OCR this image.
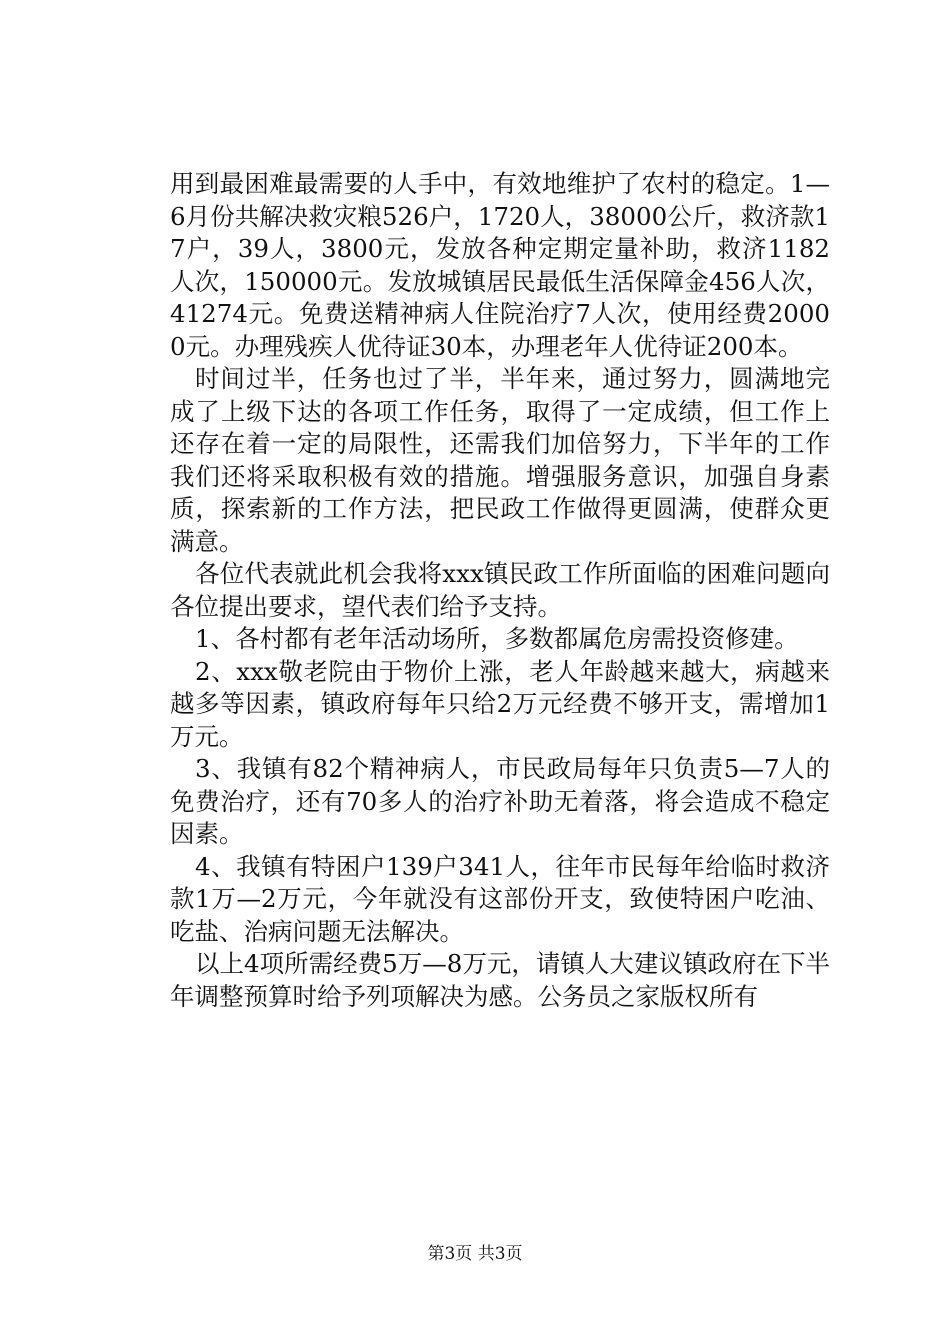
用到最困难最需要的人手中，有效地维护了农村的稳定。1—6月份共解决救灾粮526户，1720人，38000公斤，救济款17户，39人，3800元，发放各种定期定量补助，救济1182人次，150000元。发放城镇居民最低生活保障金456人次，41274元。免费送精神病人住院治疗7人次，使用经费20000元。办理残疾人优待证30本，办理老年人优待证200本。

时间过半，任务也过了半，半年来，通过努力，圆满地完成了上级下达的各项工作任务，取得了一定成绩，但工作上还存在着一定的局限性，还需我们加倍努力，下半年的工作我们还将采取积极有效的措施。增强服务意识，加强自身素质，探索新的工作方法，把民政工作做得更圆满，使群众更满意。

各位代表就此机会我将xxx镇民政工作所面临的困难问题向各位提出要求，望代表们给予支持。

1、各村都有老年活动场所，多数都属危房需投资修建。

2、xxx敬老院由于物价上涨，老人年龄越来越大，病越来越多等因素，镇政府每年只给2万元经费不够开支，需增加1万元。

3、我镇有82个精神病人，市民政局每年只负责5—7人的免费治疗，还有70多人的治疗补助无着落，将会造成不稳定因素。

4、我镇有特困户139户341人，往年市民每年给临时救济款1万—2万元，今年就没有这部份开支，致使特困户吃油、吃盐、治病问题无法解决。

以上4项所需经费5万—8万元，请镇人大建议镇政府在下半年调整预算时给予列项解决为感。公务员之家版权所有

第3页 共3页
